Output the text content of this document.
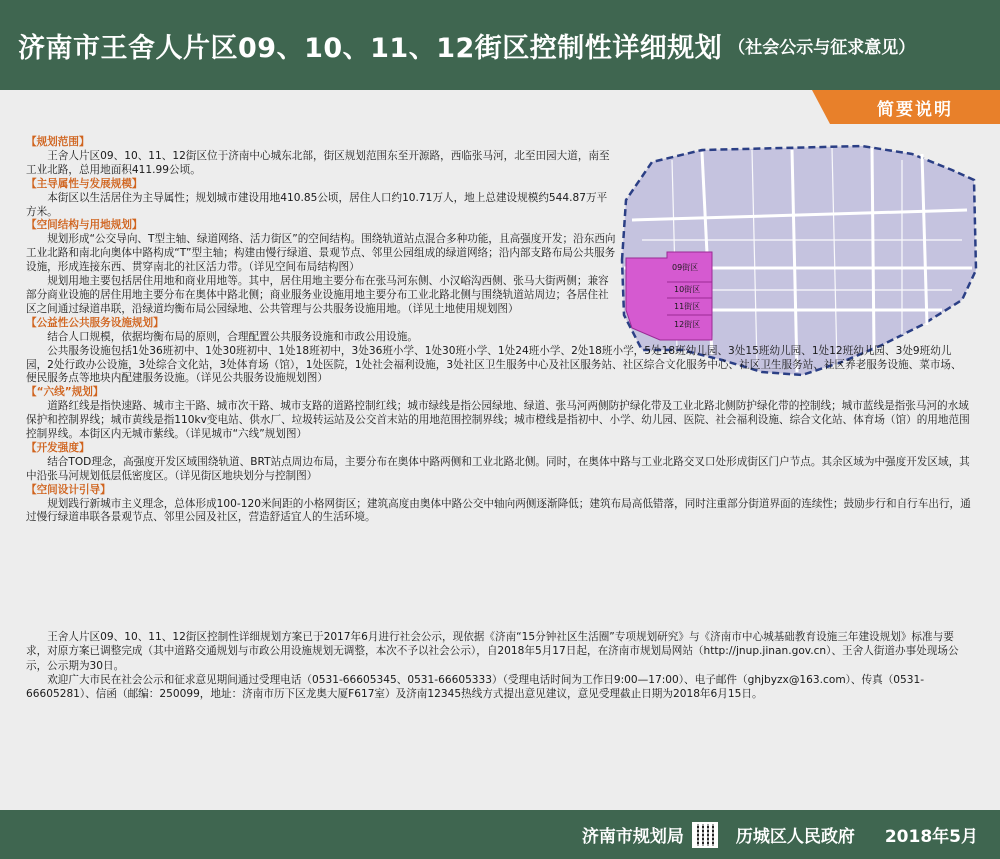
济南市王舍人片区09、10、11、12街区控制性详细规划 （社会公示与征求意见）
简要说明
09街区
10街区
11街区
12街区
【规划范围】
王舍人片区09、10、11、12街区位于济南中心城东北部，街区规划范围东至开源路，西临张马河，北至田园大道，南至工业北路，总用地面积411.99公顷。
【主导属性与发展规模】
本街区以生活居住为主导属性；规划城市建设用地410.85公顷，居住人口约10.71万人，地上总建设规模约544.87万平方米。
【空间结构与用地规划】
规划形成“公交导向、T型主轴、绿道网络、活力街区”的空间结构。围绕轨道站点混合多种功能，且高强度开发；沿东西向工业北路和南北向奥体中路构成“T”型主轴；构建由慢行绿道、景观节点、邻里公园组成的绿道网络；沿内部支路布局公共服务设施，形成连接东西、贯穿南北的社区活力带。（详见空间布局结构图）
规划用地主要包括居住用地和商业用地等。其中，居住用地主要分布在张马河东侧、小汉峪沟西侧、张马大街两侧；兼容部分商业设施的居住用地主要分布在奥体中路北侧；商业服务业设施用地主要分布工业北路北侧与围绕轨道站周边；各居住社区之间通过绿道串联，沿绿道均衡布局公园绿地、公共管理与公共服务设施用地。（详见土地使用规划图）
【公益性公共服务设施规划】
结合人口规模，依据均衡布局的原则，合理配置公共服务设施和市政公用设施。
公共服务设施包括1处36班初中、1处30班初中、1处18班初中，3处36班小学、1处30班小学、1处24班小学、2处18班小学，5处18班幼儿园、3处15班幼儿园、1处12班幼儿园、3处9班幼儿园，2处行政办公设施，3处综合文化站，3处体育场（馆），1处医院，1处社会福利设施，3处社区卫生服务中心及社区服务站、社区综合文化服务中心、社区卫生服务站、社区养老服务设施、菜市场、便民服务点等地块内配建服务设施。（详见公共服务设施规划图）
【“六线”规划】
道路红线是指快速路、城市主干路、城市次干路、城市支路的道路控制红线；城市绿线是指公园绿地、绿道、张马河两侧防护绿化带及工业北路北侧防护绿化带的控制线；城市蓝线是指张马河的水域保护和控制界线；城市黄线是指110kv变电站、供水厂、垃圾转运站及公交首末站的用地范围控制界线；城市橙线是指初中、小学、幼儿园、医院、社会福利设施、综合文化站、体育场（馆）的用地范围控制界线。本街区内无城市紫线。（详见城市“六线”规划图）
【开发强度】
结合TOD理念，高强度开发区域围绕轨道、BRT站点周边布局，主要分布在奥体中路两侧和工业北路北侧。同时，在奥体中路与工业北路交叉口处形成街区门户节点。其余区域为中强度开发区域，其中沿张马河规划低层低密度区。（详见街区地块划分与控制图）
【空间设计引导】
规划践行新城市主义理念，总体形成100-120米间距的小格网街区；建筑高度由奥体中路公交中轴向两侧逐渐降低；建筑布局高低错落，同时注重部分街道界面的连续性；鼓励步行和自行车出行，通过慢行绿道串联各景观节点、邻里公园及社区，营造舒适宜人的生活环境。
王舍人片区09、10、11、12街区控制性详细规划方案已于2017年6月进行社会公示，现依据《济南“15分钟社区生活圈”专项规划研究》与《济南市中心城基础教育设施三年建设规划》标准与要求，对原方案已调整完成（其中道路交通规划与市政公用设施规划无调整，本次不予以社会公示），自2018年5月17日起，在济南市规划局网站（http://jnup.jinan.gov.cn）、王舍人街道办事处现场公示，公示期为30日。
欢迎广大市民在社会公示和征求意见期间通过受理电话（0531-66605345、0531-66605333）（受理电话时间为工作日9:00—17:00）、电子邮件（ghjbyzx@163.com）、传真（0531-66605281）、信函（邮编：250099，地址：济南市历下区龙奥大厦F617室）及济南12345热线方式提出意见建议，意见受理截止日期为2018年6月15日。
济南市规划局	历城区人民政府 2018年5月
